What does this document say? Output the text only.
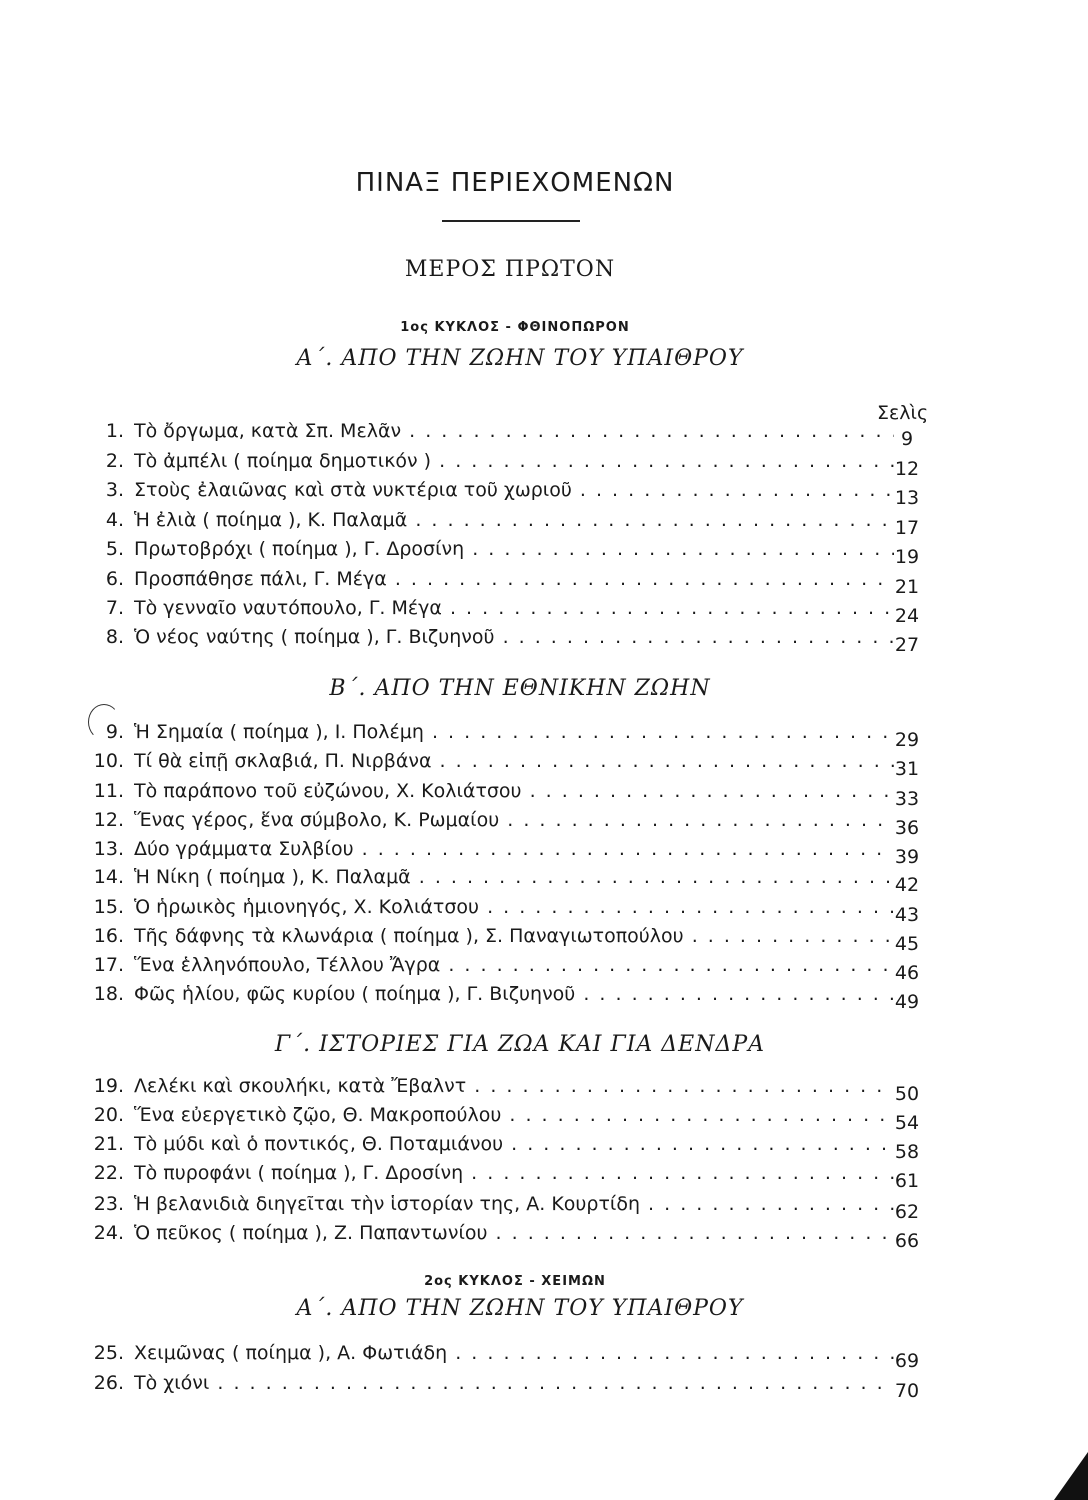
ΠΙΝΑΞ ΠΕΡΙΕΧΟΜΕΝΩΝ
ΜΕΡΟΣ ΠΡΩΤΟΝ
1ος ΚΥΚΛΟΣ - ΦΘΙΝΟΠΩΡΟΝ
Α΄. ΑΠΟ ΤΗΝ ΖΩΗΝ ΤΟΥ ΥΠΑΙΘΡΟΥ
Σελὶς
1. Τὸ ὄργωμα, κατὰ Σπ. Μελᾶν . . .	9
2. Τὸ ἀμπέλι ( ποίημα δημοτικόν ) . . .	12
3. Στοὺς ἐλαιῶνας καὶ στὰ νυκτέρια τοῦ χωριοῦ . . .	13
4. Ἡ ἐλιὰ ( ποίημα ), Κ. Παλαμᾶ . . .	17
5. Πρωτοβρόχι ( ποίημα ), Γ. Δροσίνη . . .	19
6. Προσπάθησε πάλι, Γ. Μέγα . . .	21
7. Τὸ γενναῖο ναυτόπουλο, Γ. Μέγα . . .	24
8. Ὁ νέος ναύτης ( ποίημα ), Γ. Βιζυηνοῦ . . .	27
Β΄. ΑΠΟ ΤΗΝ ΕΘΝΙΚΗΝ ΖΩΗΝ
9. Ἡ Σημαία ( ποίημα ), Ι. Πολέμη . . .	29
10. Τί θὰ εἰπῇ σκλαβιά, Π. Νιρβάνα . . .	31
11. Τὸ παράπονο τοῦ εὐζώνου, Χ. Κολιάτσου . . .	33
12. Ἕνας γέρος, ἕνα σύμβολο, Κ. Ρωμαίου . . .	36
13. Δύο γράμματα Συλβίου . . .	39
14. Ἡ Νίκη ( ποίημα ), Κ. Παλαμᾶ . . .	42
15. Ὁ ἡρωικὸς ἡμιονηγός, Χ. Κολιάτσου . . .	43
16. Τῆς δάφνης τὰ κλωνάρια ( ποίημα ), Σ. Παναγιωτοπούλου . . .	45
17. Ἕνα ἑλληνόπουλο, Τέλλου Ἄγρα . . .	46
18. Φῶς ἡλίου, φῶς κυρίου ( ποίημα ), Γ. Βιζυηνοῦ . . .	49
Γ΄. ΙΣΤΟΡΙΕΣ ΓΙΑ ΖΩΑ ΚΑΙ ΓΙΑ ΔΕΝΔΡΑ
19. Λελέκι καὶ σκουλήκι, κατὰ Ἔβαλντ . . .	50
20. Ἕνα εὐεργετικὸ ζῷο, Θ. Μακροπούλου . . .	54
21. Τὸ μύδι καὶ ὁ ποντικός, Θ. Ποταμιάνου . . .	58
22. Τὸ πυροφάνι ( ποίημα ), Γ. Δροσίνη . . .	61
23. Ἡ βελανιδιὰ διηγεῖται τὴν ἱστορίαν της, Α. Κουρτίδη . . .	62
24. Ὁ πεῦκος ( ποίημα ), Ζ. Παπαντωνίου . . .	66
2ος ΚΥΚΛΟΣ - ΧΕΙΜΩΝ
Α΄. ΑΠΟ ΤΗΝ ΖΩΗΝ ΤΟΥ ΥΠΑΙΘΡΟΥ
25. Χειμῶνας ( ποίημα ), Α. Φωτιάδη . . .	69
26. Τὸ χιόνι . . .	70
